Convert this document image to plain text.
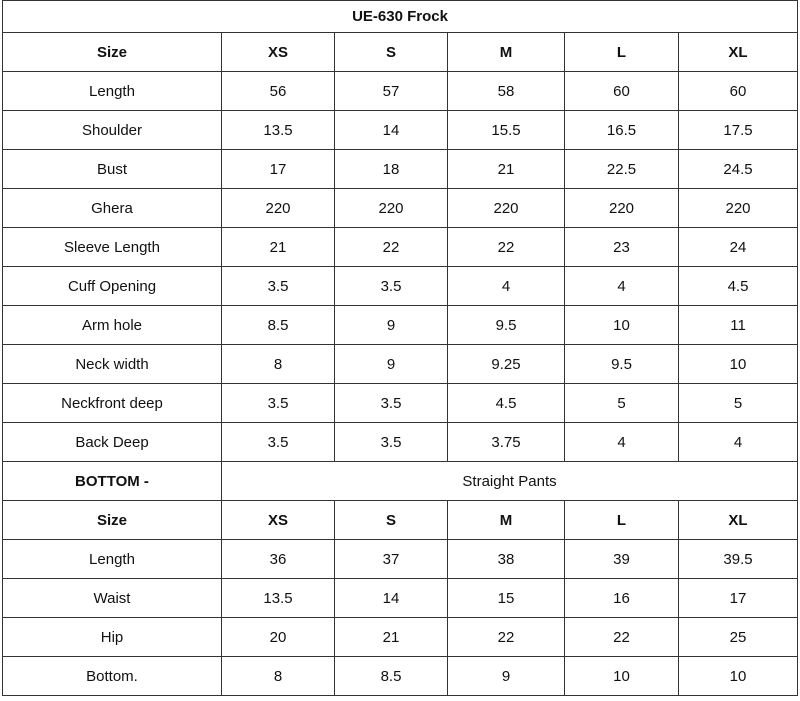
UE-630 Frock					
Size	XS	S	M	L	XL
Length	56	57	58	60	60
Shoulder	13.5	14	15.5	16.5	17.5
Bust	17	18	21	22.5	24.5
Ghera	220	220	220	220	220
Sleeve Length	21	22	22	23	24
Cuff Opening	3.5	3.5	4	4	4.5
Arm hole	8.5	9	9.5	10	11
Neck width	8	9	9.25	9.5	10
Neckfront deep	3.5	3.5	4.5	5	5
Back Deep	3.5	3.5	3.75	4	4
BOTTOM -	Straight Pants				
Size	XS	S	M	L	XL
Length	36	37	38	39	39.5
Waist	13.5	14	15	16	17
Hip	20	21	22	22	25
Bottom.	8	8.5	9	10	10
